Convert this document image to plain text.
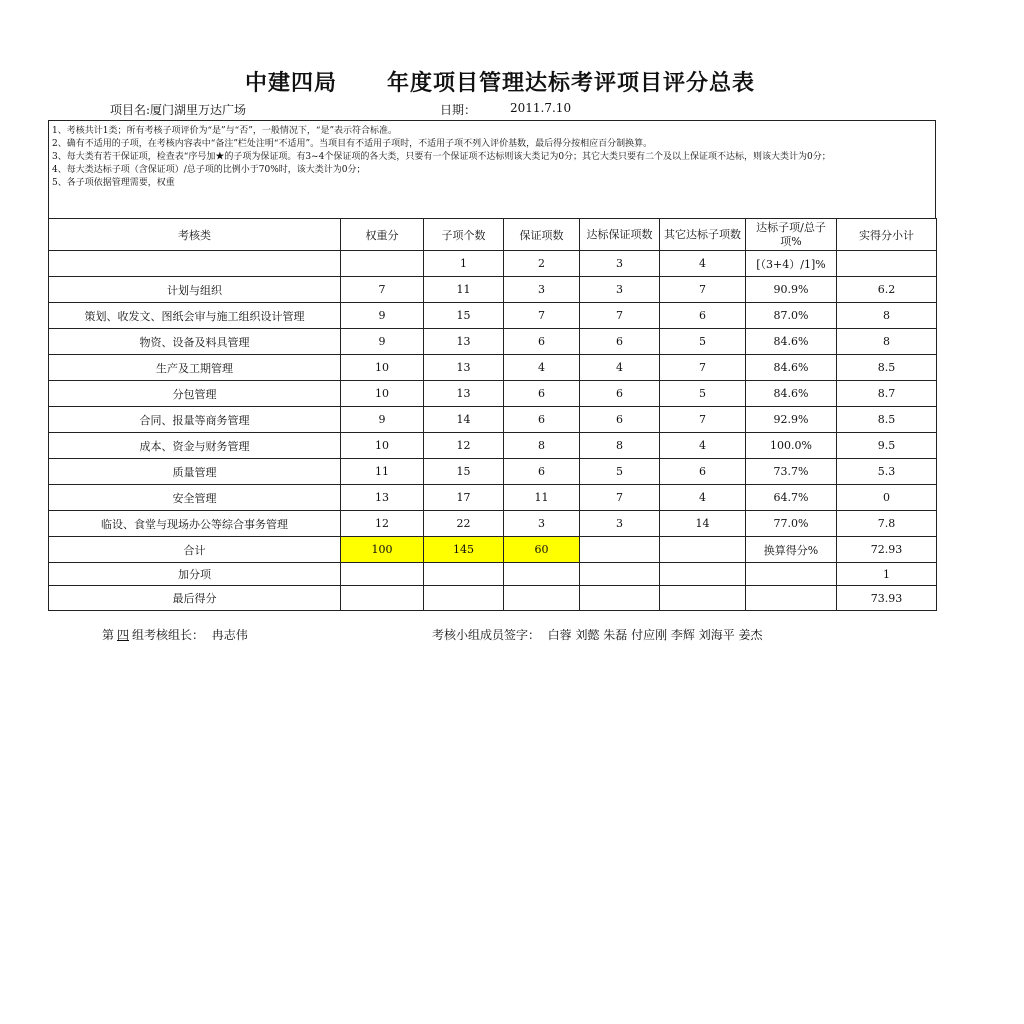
中建四局 年度项目管理达标考评项目评分总表
项目名:厦门湖里万达广场	日期：	2011.7.10
1、考核共计1类；所有考核子项评价为“是”与“否”，一般情况下，“是”表示符合标准。
2、确有不适用的子项，在考核内容表中“备注”栏处注明“不适用”。当项目有不适用子项时，不适用子项不列入评价基数，最后得分按相应百分制换算。
3、每大类有若干保证项，检查表“序号加★的子项为保证项。有3~4个保证项的各大类，只要有一个保证项不达标则该大类记为0分；其它大类只要有二个及以上保证项不达标，则该大类计为0分；
4、每大类达标子项（含保证项）/总子项的比例小于70%时，该大类计为0分；
5、各子项依据管理需要，权重
考核类	权重分	子项个数	保证项数	达标保证项数	其它达标子项数	达标子项/总子项%	实得分小计
		1	2	3	4	[（3+4）/1]%	
计划与组织	7	11	3	3	7	90.9%	6.2
策划、收发文、图纸会审与施工组织设计管理	9	15	7	7	6	87.0%	8
物资、设备及料具管理	9	13	6	6	5	84.6%	8
生产及工期管理	10	13	4	4	7	84.6%	8.5
分包管理	10	13	6	6	5	84.6%	8.7
合同、报量等商务管理	9	14	6	6	7	92.9%	8.5
成本、资金与财务管理	10	12	8	8	4	100.0%	9.5
质量管理	11	15	6	5	6	73.7%	5.3
安全管理	13	17	11	7	4	64.7%	0
临设、食堂与现场办公等综合事务管理	12	22	3	3	14	77.0%	7.8
合计	100	145	60			换算得分%	72.93
加分项							1
最后得分							73.93
第 四 组考核组长： 冉志伟	考核小组成员签字： 白蓉 刘懿 朱磊 付应刚 李辉 刘海平 姜杰
